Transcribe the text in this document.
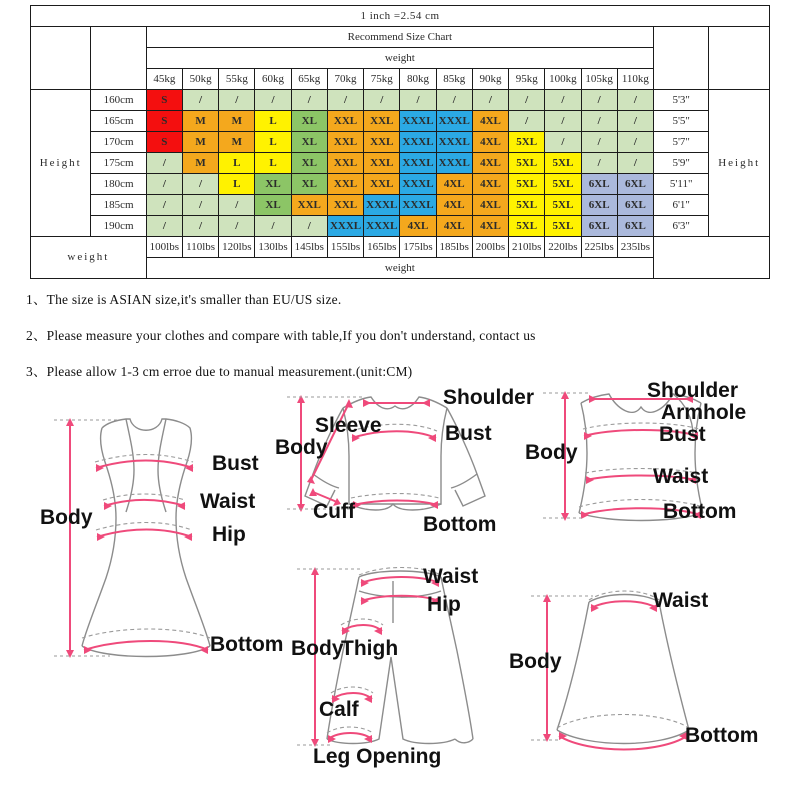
1 inch =2.54 cm																	
		Recommend Size Chart															
		weight															
		45kg	50kg	55kg	60kg	65kg	70kg	75kg	80kg	85kg	90kg	95kg	100kg	105kg	110kg		
Height	160cm	S	/	/	/	/	/	/	/	/	/	/	/	/	/	5'3"	Height
	165cm	S	M	M	L	XL	XXL	XXL	XXXL	XXXL	4XL	/	/	/	/	5'5"	
	170cm	S	M	M	L	XL	XXL	XXL	XXXL	XXXL	4XL	5XL	/	/	/	5'7"	
	175cm	/	M	L	L	XL	XXL	XXL	XXXL	XXXL	4XL	5XL	5XL	/	/	5'9"	
	180cm	/	/	L	XL	XL	XXL	XXL	XXXL	4XL	4XL	5XL	5XL	6XL	6XL	5'11"	
	185cm	/	/	/	XL	XXL	XXL	XXXL	XXXL	4XL	4XL	5XL	5XL	6XL	6XL	6'1"	
	190cm	/	/	/	/	/	XXXL	XXXL	4XL	4XL	4XL	5XL	5XL	6XL	6XL	6'3"	
weight		100lbs	110lbs	120lbs	130lbs	145lbs	155lbs	165lbs	175lbs	185lbs	200lbs	210lbs	220lbs	225lbs	235lbs		
		weight															

1、The size is ASIAN size,it's smaller than EU/US size.

2、Please measure your clothes and compare with table,If you don't understand, contact us

3、Please allow 1-3 cm erroe due to manual measurement.(unit:CM)

Body
Bust
Waist
Hip
Bottom
Shoulder
Sleeve	Bust
Body
Cuff
Bottom
Shoulder
Armhole
Bust
Waist
Bottom
Body
Waist
Hip
Body
Thigh
Calf
Leg Opening
Waist
Body
Bottom
